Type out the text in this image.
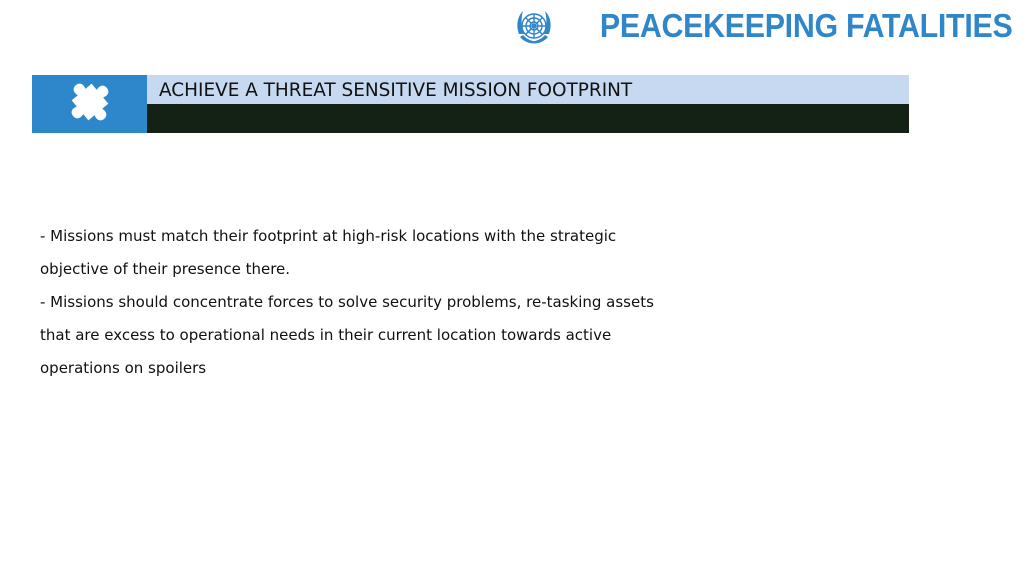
PEACEKEEPING FATALITIES
ACHIEVE A THREAT SENSITIVE MISSION FOOTPRINT
- Missions must match their footprint at high-risk locations with the strategic
objective of their presence there.
- Missions should concentrate forces to solve security problems, re-tasking assets
that are excess to operational needs in their current location towards active
operations on spoilers
